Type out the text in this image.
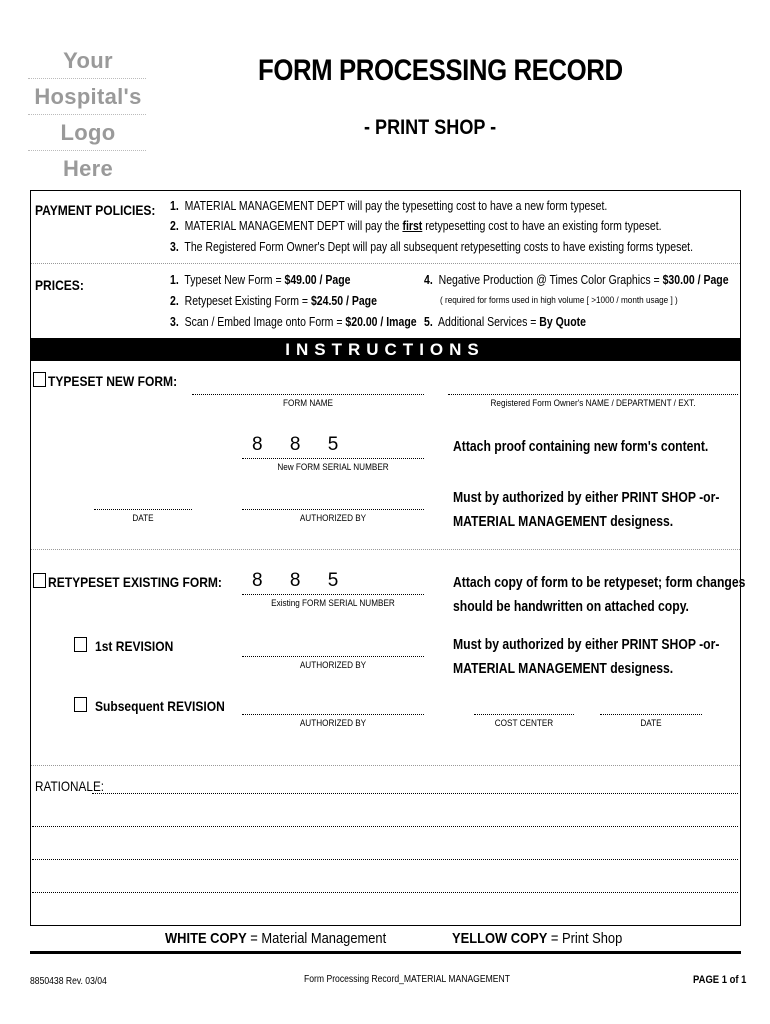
Your
Hospital's
Logo
Here
FORM PROCESSING RECORD
- PRINT SHOP -
PAYMENT POLICIES: 1. MATERIAL MANAGEMENT DEPT will pay the typesetting cost to have a new form typeset.
2. MATERIAL MANAGEMENT DEPT will pay the first retypesetting cost to have an existing form typeset.
3. The Registered Form Owner's Dept will pay all subsequent retypesetting costs to have existing forms typeset.
PRICES:	1. Typeset New Form = $49.00 / Page
2. Retypeset Existing Form = $24.50 / Page
3. Scan / Embed Image onto Form = $20.00 / Image
4. Negative Production @ Times Color Graphics = $30.00 / Page
( required for forms used in high volume [ >1000 / month usage ] )
5. Additional Services = By Quote
INSTRUCTIONS
TYPESET NEW FORM:
FORM NAME	Registered Form Owner's NAME / DEPARTMENT / EXT.
8 8 5
New FORM SERIAL NUMBER
Attach proof containing new form's content.
DATE	AUTHORIZED BY
Must by authorized by either PRINT SHOP -or-
MATERIAL MANAGEMENT designess.
RETYPESET EXISTING FORM: 8 8 5
Existing FORM SERIAL NUMBER
Attach copy of form to be retypeset; form changes
should be handwritten on attached copy.
1st REVISION
AUTHORIZED BY
Must by authorized by either PRINT SHOP -or-
MATERIAL MANAGEMENT designess.
Subsequent REVISION
AUTHORIZED BY	COST CENTER	DATE
RATIONALE:
WHITE COPY = Material Management	YELLOW COPY = Print Shop
8850438 Rev. 03/04	Form Processing Record_MATERIAL MANAGEMENT	PAGE 1 of 1
